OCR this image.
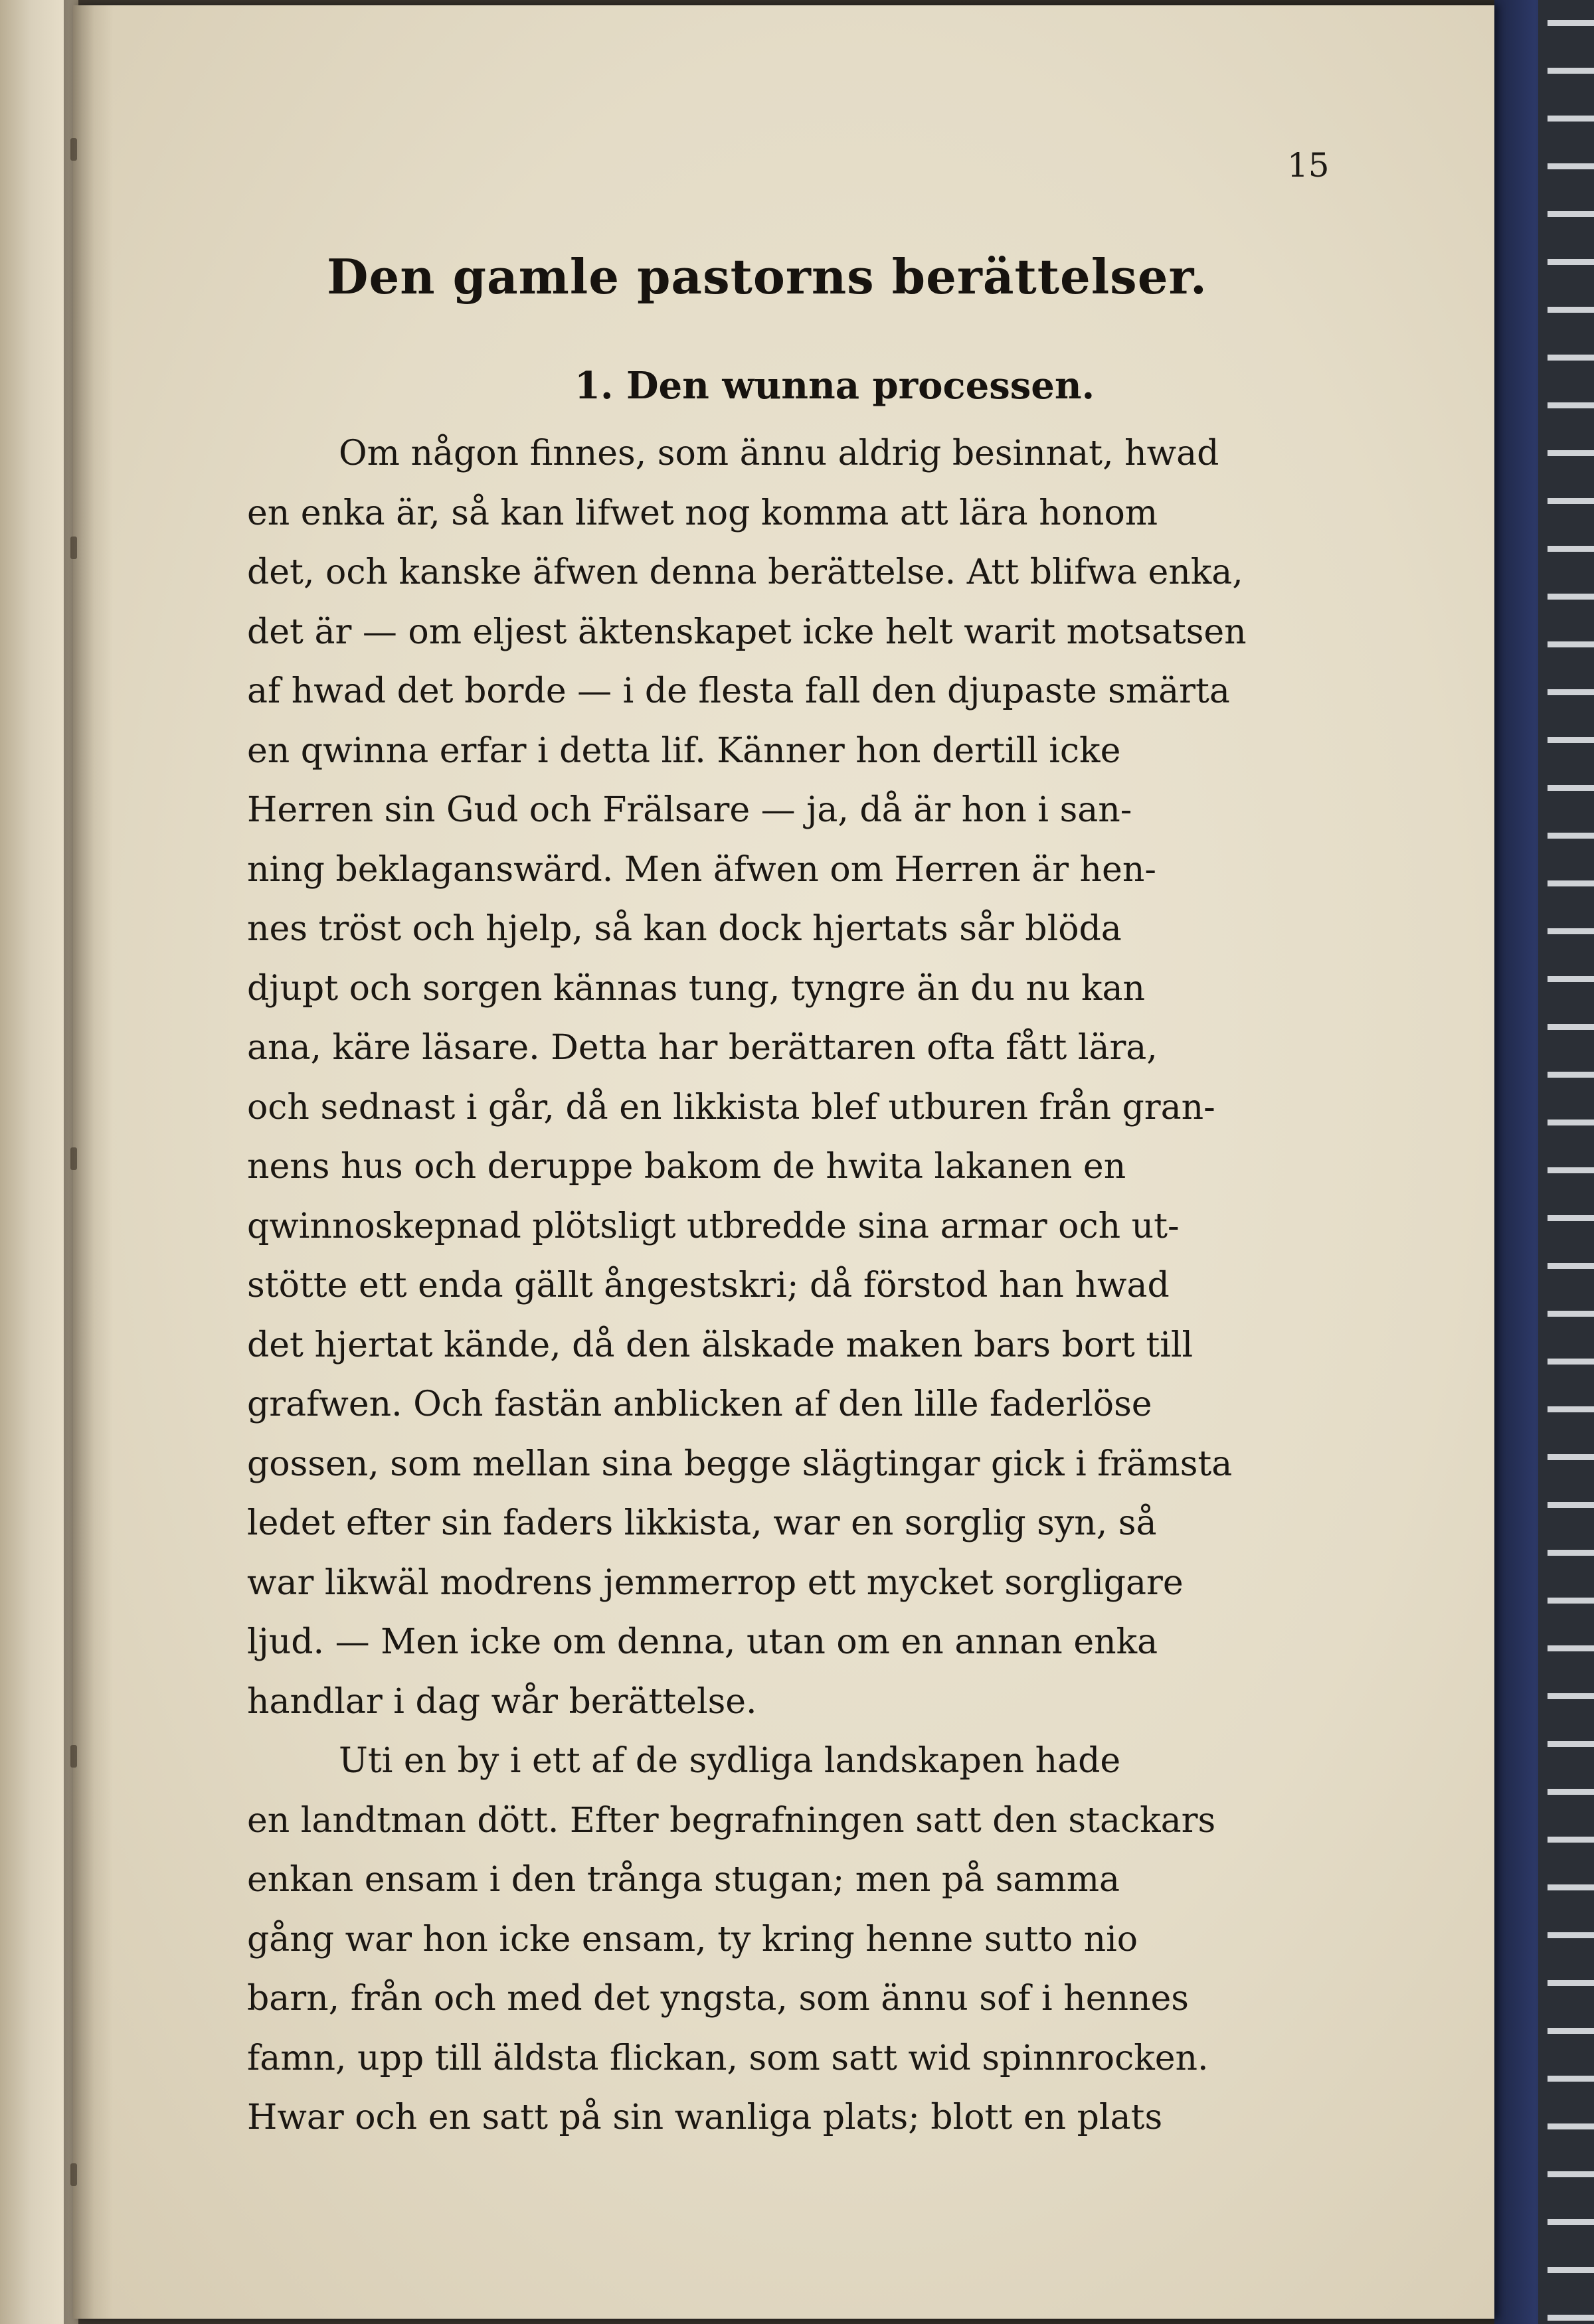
15
Den gamle pastorns berättelser.
1. Den wunna processen.
Om någon finnes, som ännu aldrig besinnat, hwad
en enka är, så kan lifwet nog komma att lära honom
det, och kanske äfwen denna berättelse. Att blifwa enka,
det är — om eljest äktenskapet icke helt warit motsatsen
af hwad det borde — i de flesta fall den djupaste smärta
en qwinna erfar i detta lif. Känner hon dertill icke
Herren sin Gud och Frälsare — ja, då är hon i san-
ning beklaganswärd. Men äfwen om Herren är hen-
nes tröst och hjelp, så kan dock hjertats sår blöda
djupt och sorgen kännas tung, tyngre än du nu kan
ana, käre läsare. Detta har berättaren ofta fått lära,
och sednast i går, då en likkista blef utburen från gran-
nens hus och deruppe bakom de hwita lakanen en
qwinnoskepnad plötsligt utbredde sina armar och ut-
stötte ett enda gällt ångestskri; då förstod han hwad
det hjertat kände, då den älskade maken bars bort till
grafwen. Och fastän anblicken af den lille faderlöse
gossen, som mellan sina begge slägtingar gick i främsta
ledet efter sin faders likkista, war en sorglig syn, så
war likwäl modrens jemmerrop ett mycket sorgligare
ljud. — Men icke om denna, utan om en annan enka
handlar i dag wår berättelse.
Uti en by i ett af de sydliga landskapen hade
en landtman dött. Efter begrafningen satt den stackars
enkan ensam i den trånga stugan; men på samma
gång war hon icke ensam, ty kring henne sutto nio
barn, från och med det yngsta, som ännu sof i hennes
famn, upp till äldsta flickan, som satt wid spinnrocken.
Hwar och en satt på sin wanliga plats; blott en plats
